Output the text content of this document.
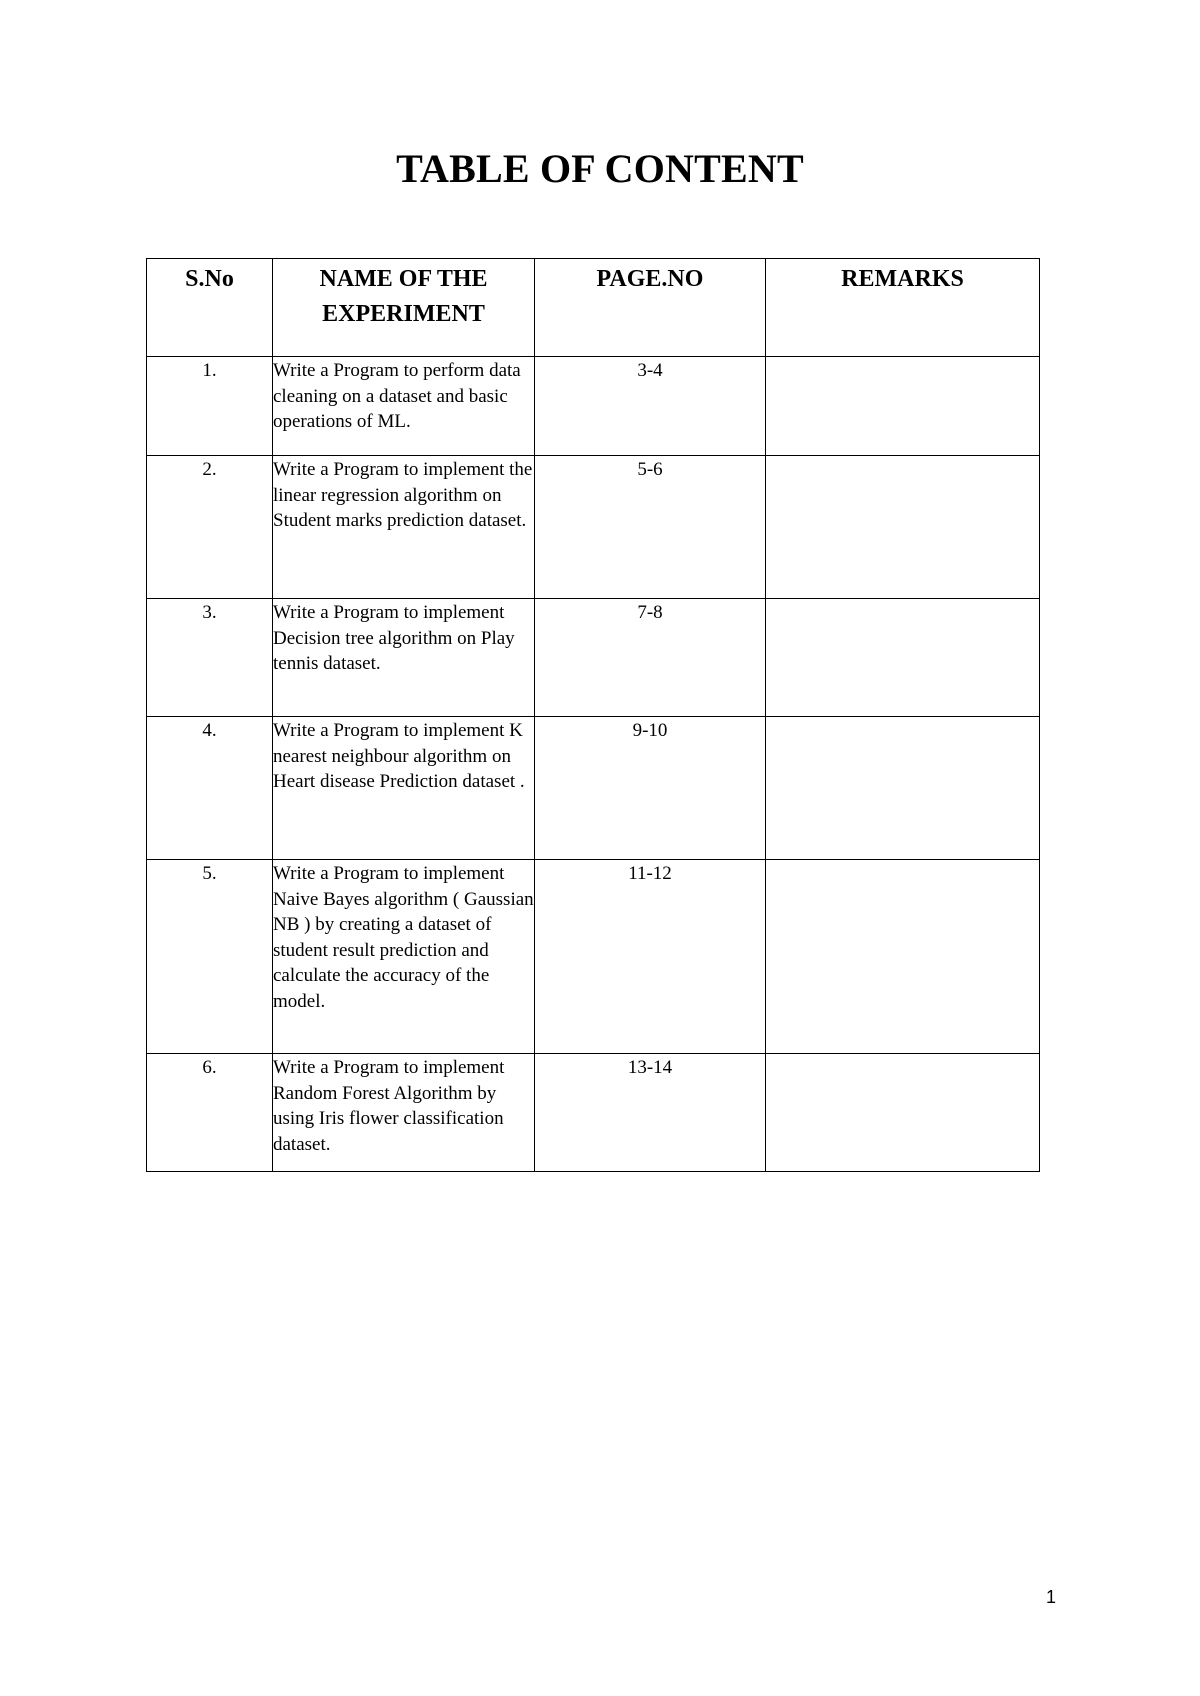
TABLE OF CONTENT
S.No	NAME OF THE EXPERIMENT	PAGE.NO	REMARKS
1.	Write a Program to perform data cleaning on a dataset and basic operations of ML.	3-4	
2.	Write a Program to implement the linear regression algorithm on Student marks prediction dataset.	5-6	
3.	Write a Program to implement Decision tree algorithm on Play tennis dataset.	7-8	
4.	Write a Program to implement K nearest neighbour algorithm on Heart disease Prediction dataset .	9-10	
5.	Write a Program to implement Naive Bayes algorithm ( Gaussian NB ) by creating a dataset of student result prediction and calculate the accuracy of the model.	11-12	
6.	Write a Program to implement Random Forest Algorithm by using Iris flower classification dataset.	13-14	
1
